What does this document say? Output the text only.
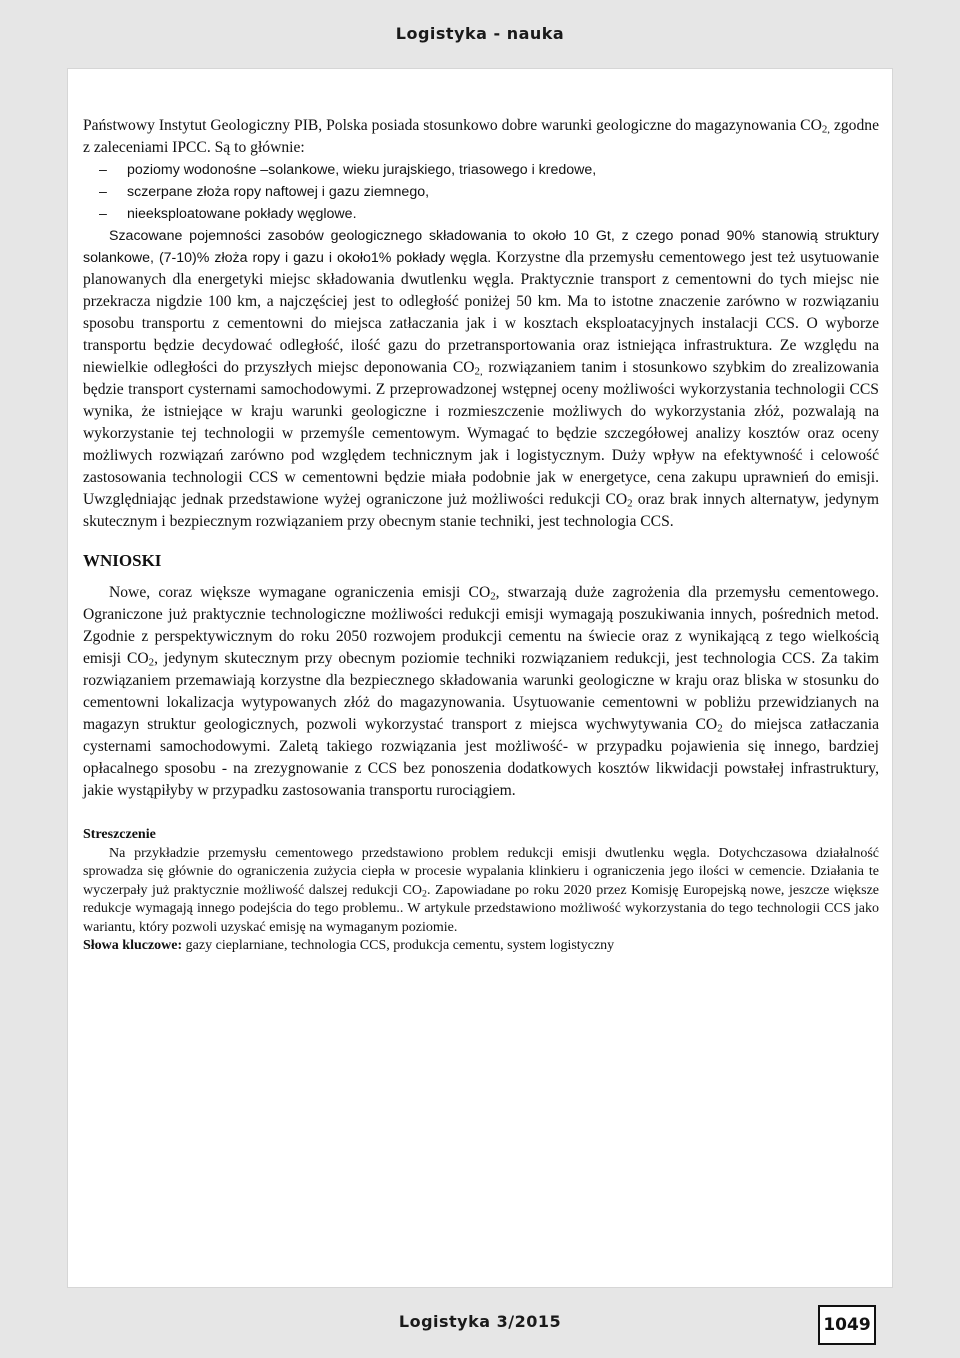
Logistyka - nauka

Państwowy Instytut Geologiczny PIB, Polska posiada stosunkowo dobre warunki geologiczne do magazynowania $CO_{2,}$ zgodne z zaleceniami IPCC. Są to głównie:

– poziomy wodonośne –solankowe, wieku jurajskiego, triasowego i kredowe,
– sczerpane złoża ropy naftowej i gazu ziemnego,
– nieeksploatowane pokłady węglowe.

Szacowane pojemności zasobów geologicznego składowania to około 10 Gt, z czego ponad 90% stanowią struktury solankowe, (7-10)% złoża ropy i gazu i około1% pokłady węgla. Korzystne dla przemysłu cementowego jest też usytuowanie planowanych dla energetyki miejsc składowania dwutlenku węgla. Praktycznie transport z cementowni do tych miejsc nie przekracza nigdzie 100 km, a najczęściej jest to odległość poniżej 50 km. Ma to istotne znaczenie zarówno w rozwiązaniu sposobu transportu z cementowni do miejsca zatłaczania jak i w kosztach eksploatacyjnych instalacji CCS. O wyborze transportu będzie decydować odległość, ilość gazu do przetransportowania oraz istniejąca infrastruktura. Ze względu na niewielkie odległości do przyszłych miejsc deponowania $CO_{2,}$ rozwiązaniem tanim i stosunkowo szybkim do zrealizowania będzie transport cysternami samochodowymi. Z przeprowadzonej wstępnej oceny możliwości wykorzystania technologii CCS wynika, że istniejące w kraju warunki geologiczne i rozmieszczenie możliwych do wykorzystania złóż, pozwalają na wykorzystanie tej technologii w przemyśle cementowym. Wymagać to będzie szczegółowej analizy kosztów oraz oceny możliwych rozwiązań zarówno pod względem technicznym jak i logistycznym. Duży wpływ na efektywność i celowość zastosowania technologii CCS w cementowni będzie miała podobnie jak w energetyce, cena zakupu uprawnień do emisji. Uwzględniając jednak przedstawione wyżej ograniczone już możliwości redukcji $CO_2$ oraz brak innych alternatyw, jedynym skutecznym i bezpiecznym rozwiązaniem przy obecnym stanie techniki, jest technologia CCS.

WNIOSKI

Nowe, coraz większe wymagane ograniczenia emisji $CO_2$, stwarzają duże zagrożenia dla przemysłu cementowego. Ograniczone już praktycznie technologiczne możliwości redukcji emisji wymagają poszukiwania innych, pośrednich metod. Zgodnie z perspektywicznym do roku 2050 rozwojem produkcji cementu na świecie oraz z wynikającą z tego wielkością emisji $CO_2$, jedynym skutecznym przy obecnym poziomie techniki rozwiązaniem redukcji, jest technologia CCS. Za takim rozwiązaniem przemawiają korzystne dla bezpiecznego składowania warunki geologiczne w kraju oraz bliska w stosunku do cementowni lokalizacja wytypowanych złóż do magazynowania. Usytuowanie cementowni w pobliżu przewidzianych na magazyn struktur geologicznych, pozwoli wykorzystać transport z miejsca wychwytywania $CO_2$ do miejsca zatłaczania cysternami samochodowymi. Zaletą takiego rozwiązania jest możliwość- w przypadku pojawienia się innego, bardziej opłacalnego sposobu - na zrezygnowanie z CCS bez ponoszenia dodatkowych kosztów likwidacji powstałej infrastruktury, jakie wystąpiłyby w przypadku zastosowania transportu rurociągiem.

Streszczenie

Na przykładzie przemysłu cementowego przedstawiono problem redukcji emisji dwutlenku węgla. Dotychczasowa działalność sprowadza się głównie do ograniczenia zużycia ciepła w procesie wypalania klinkieru i ograniczenia jego ilości w cemencie. Działania te wyczerpały już praktycznie możliwość dalszej redukcji $CO_2$. Zapowiadane po roku 2020 przez Komisję Europejską nowe, jeszcze większe redukcje wymagają innego podejścia do tego problemu.. W artykule przedstawiono możliwość wykorzystania do tego technologii CCS jako wariantu, który pozwoli uzyskać emisję na wymaganym poziomie.

Słowa kluczowe: gazy cieplarniane, technologia CCS, produkcja cementu, system logistyczny

Logistyka 3/2015	1049
